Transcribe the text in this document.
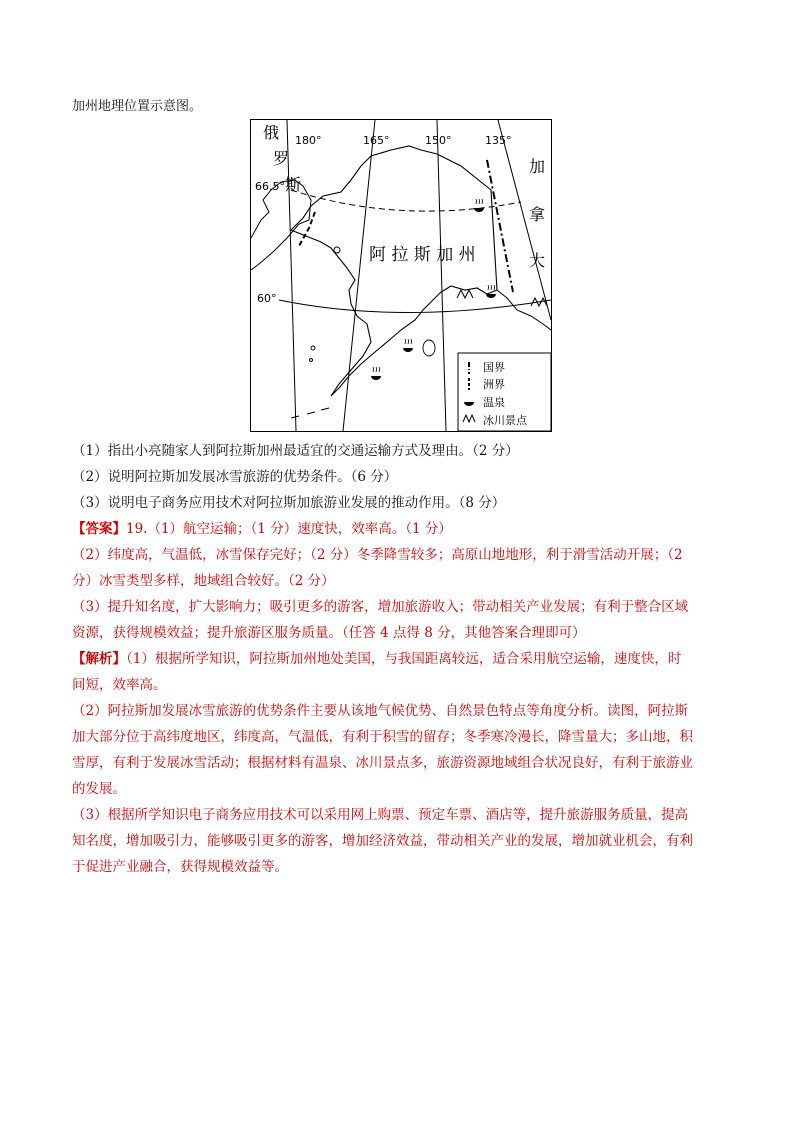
加州地理位置示意图。
俄
罗
斯
加
拿
大
阿 拉 斯 加 州
180°	165°	150°	135°
66.5°
60°
国界
洲界
温泉
冰川景点
（1）指出小亮随家人到阿拉斯加州最适宜的交通运输方式及理由。（2 分）
（2）说明阿拉斯加发展冰雪旅游的优势条件。（6 分）
（3）说明电子商务应用技术对阿拉斯加旅游业发展的推动作用。（8 分）
【答案】19.（1）航空运输；（1 分）速度快，效率高。（1 分）
（2）纬度高，气温低，冰雪保存完好；（2 分）冬季降雪较多；高原山地地形，利于滑雪活动开展；（2
分）冰雪类型多样，地域组合较好。（2 分）
（3）提升知名度，扩大影响力；吸引更多的游客，增加旅游收入；带动相关产业发展；有利于整合区域
资源，获得规模效益；提升旅游区服务质量。（任答 4 点得 8 分，其他答案合理即可）
【解析】（1）根据所学知识，阿拉斯加州地处美国，与我国距离较远，适合采用航空运输，速度快，时
间短，效率高。
（2）阿拉斯加发展冰雪旅游的优势条件主要从该地气候优势、自然景色特点等角度分析。读图，阿拉斯
加大部分位于高纬度地区，纬度高，气温低，有利于积雪的留存；冬季寒冷漫长，降雪量大；多山地，积
雪厚，有利于发展冰雪活动；根据材料有温泉、冰川景点多，旅游资源地域组合状况良好，有利于旅游业
的发展。
（3）根据所学知识电子商务应用技术可以采用网上购票、预定车票、酒店等，提升旅游服务质量，提高
知名度，增加吸引力，能够吸引更多的游客，增加经济效益，带动相关产业的发展，增加就业机会，有利
于促进产业融合，获得规模效益等。
